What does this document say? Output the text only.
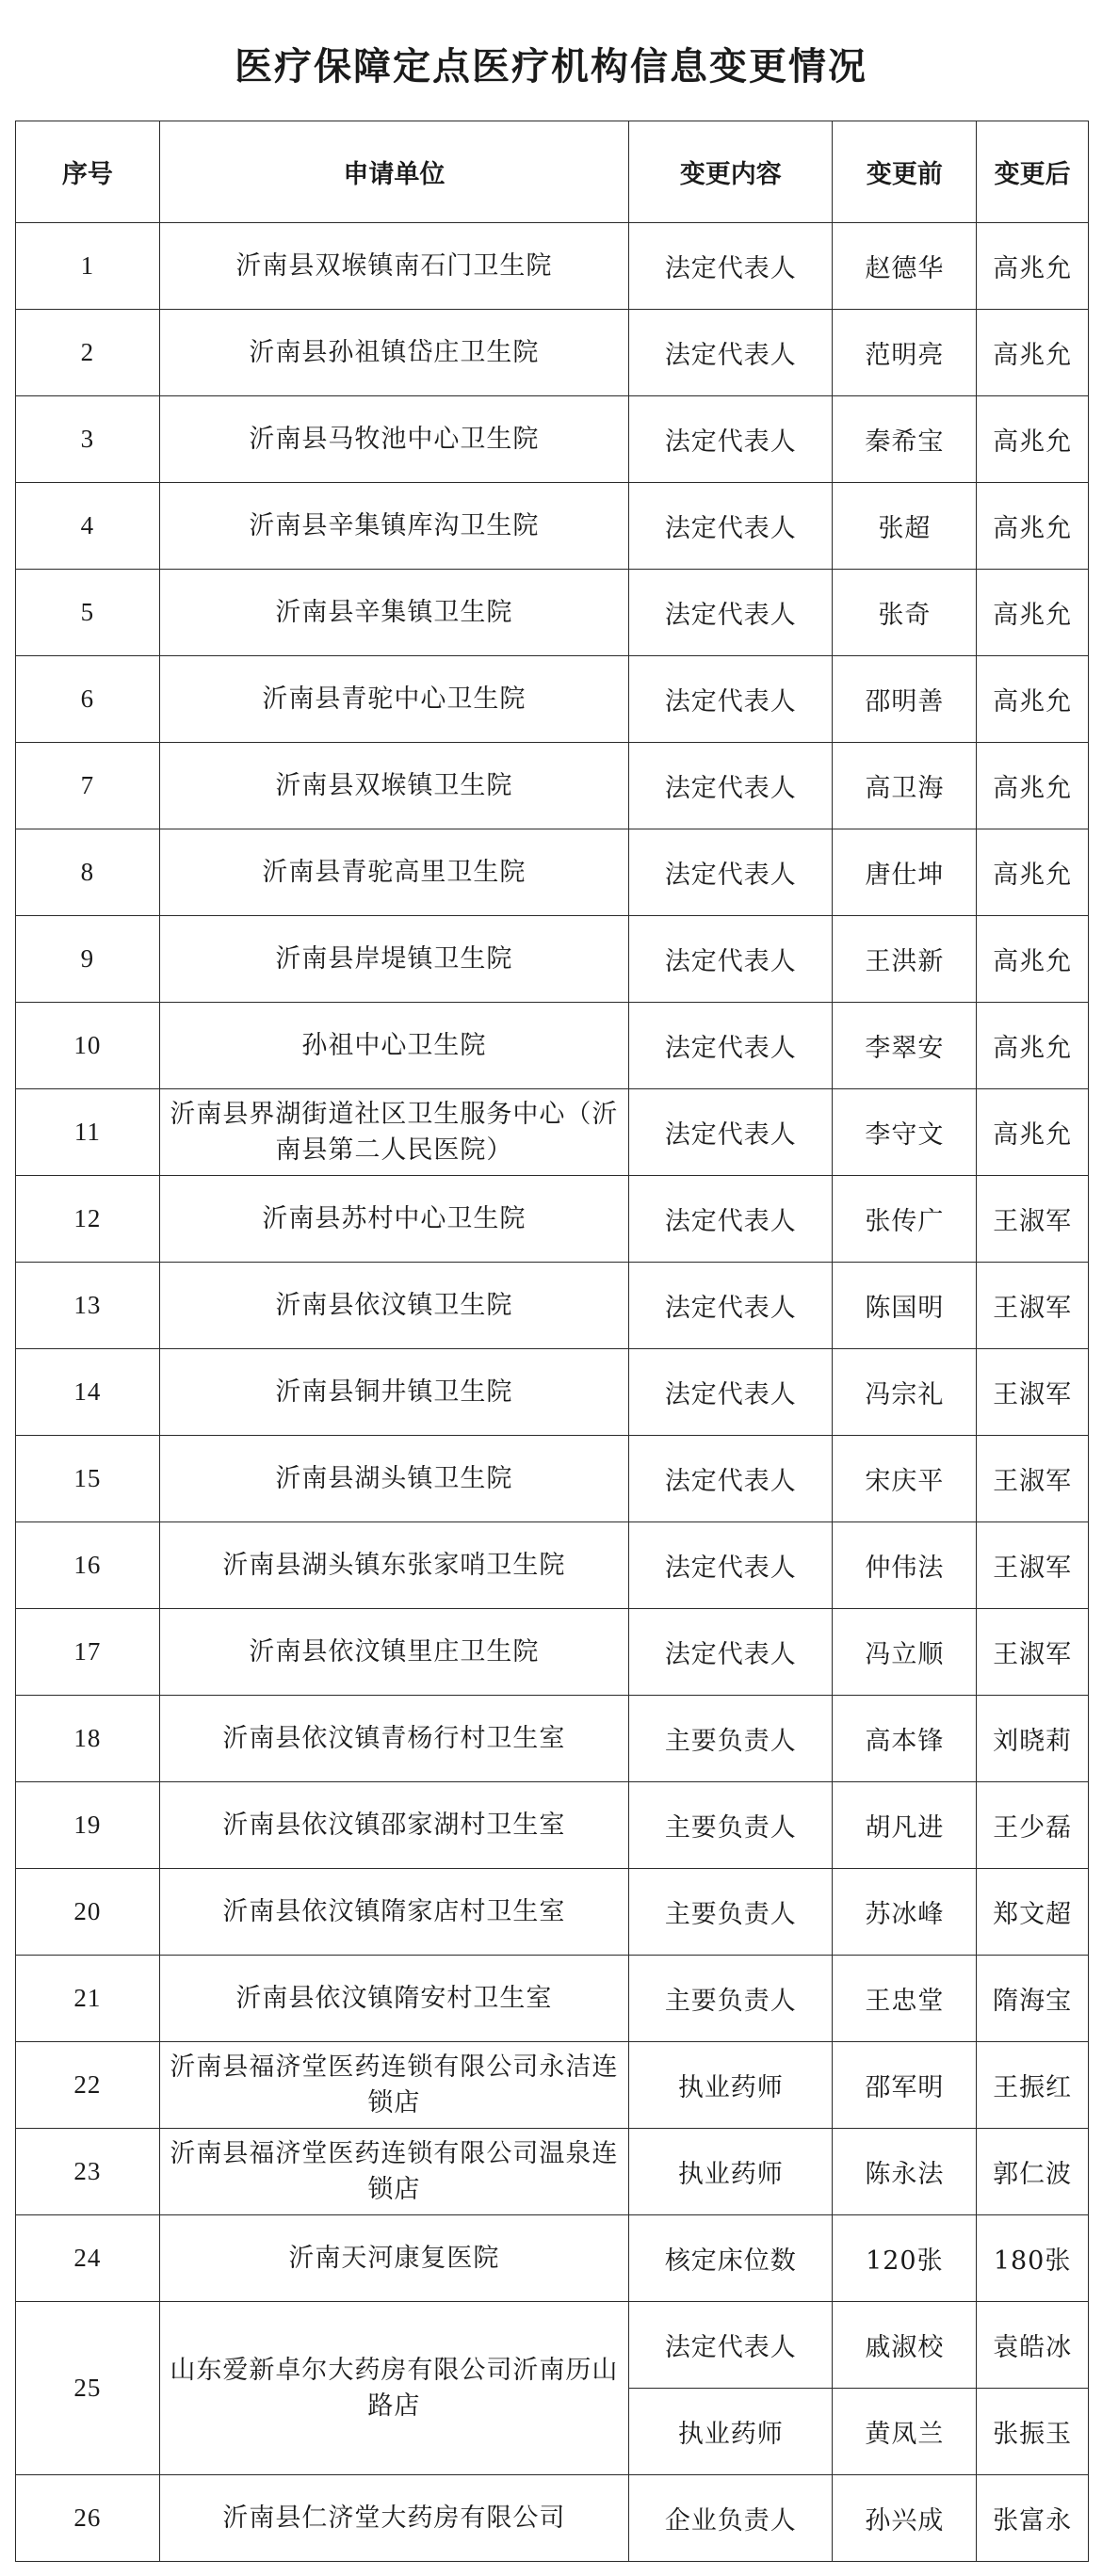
医疗保障定点医疗机构信息变更情况
序号	申请单位	变更内容	变更前	变更后
1	沂南县双堠镇南石门卫生院	法定代表人	赵德华	高兆允
2	沂南县孙祖镇岱庄卫生院	法定代表人	范明亮	高兆允
3	沂南县马牧池中心卫生院	法定代表人	秦希宝	高兆允
4	沂南县辛集镇库沟卫生院	法定代表人	张超	高兆允
5	沂南县辛集镇卫生院	法定代表人	张奇	高兆允
6	沂南县青驼中心卫生院	法定代表人	邵明善	高兆允
7	沂南县双堠镇卫生院	法定代表人	高卫海	高兆允
8	沂南县青驼高里卫生院	法定代表人	唐仕坤	高兆允
9	沂南县岸堤镇卫生院	法定代表人	王洪新	高兆允
10	孙祖中心卫生院	法定代表人	李翠安	高兆允
11	沂南县界湖街道社区卫生服务中心（沂南县第二人民医院）	法定代表人	李守文	高兆允
12	沂南县苏村中心卫生院	法定代表人	张传广	王淑军
13	沂南县依汶镇卫生院	法定代表人	陈国明	王淑军
14	沂南县铜井镇卫生院	法定代表人	冯宗礼	王淑军
15	沂南县湖头镇卫生院	法定代表人	宋庆平	王淑军
16	沂南县湖头镇东张家哨卫生院	法定代表人	仲伟法	王淑军
17	沂南县依汶镇里庄卫生院	法定代表人	冯立顺	王淑军
18	沂南县依汶镇青杨行村卫生室	主要负责人	高本锋	刘晓莉
19	沂南县依汶镇邵家湖村卫生室	主要负责人	胡凡进	王少磊
20	沂南县依汶镇隋家店村卫生室	主要负责人	苏冰峰	郑文超
21	沂南县依汶镇隋安村卫生室	主要负责人	王忠堂	隋海宝
22	沂南县福济堂医药连锁有限公司永洁连锁店	执业药师	邵军明	王振红
23	沂南县福济堂医药连锁有限公司温泉连锁店	执业药师	陈永法	郭仁波
24	沂南天河康复医院	核定床位数	120张	180张
25	山东爱新卓尔大药房有限公司沂南历山路店	法定代表人	戚淑校	袁皓冰
		执业药师	黄凤兰	张振玉
26	沂南县仁济堂大药房有限公司	企业负责人	孙兴成	张富永
